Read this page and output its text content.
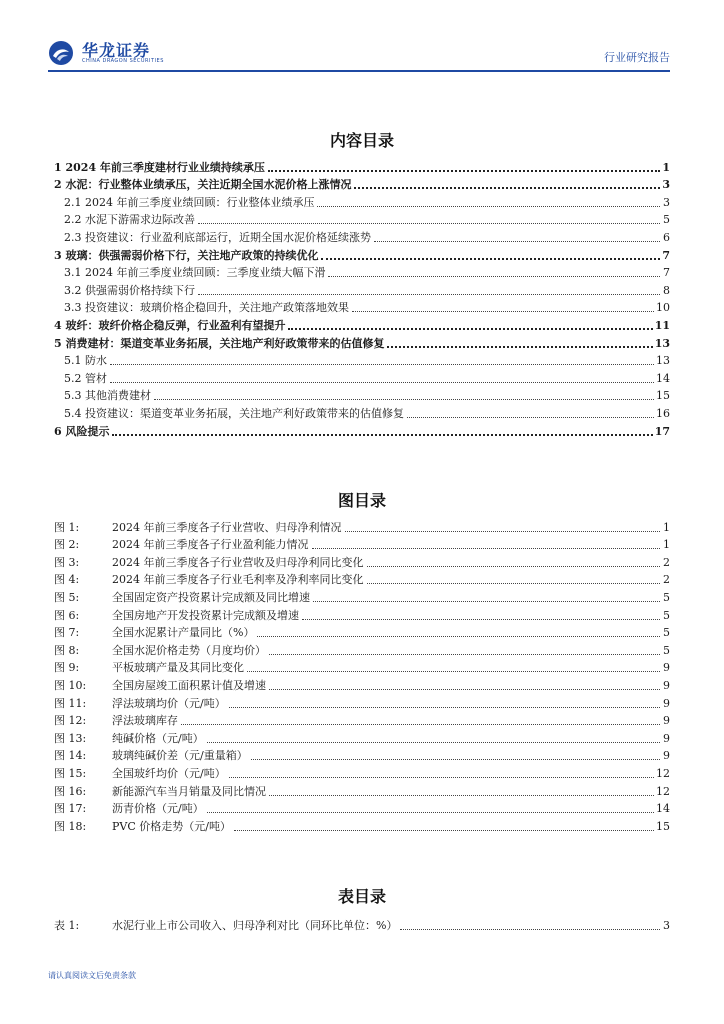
华龙证券
CHINA DRAGON SECURITIES	行业研究报告
内容目录
1 2024 年前三季度建材行业业绩持续承压	1
2 水泥：行业整体业绩承压，关注近期全国水泥价格上涨情况	3
2.1 2024 年前三季度业绩回顾：行业整体业绩承压	3
2.2 水泥下游需求边际改善	5
2.3 投资建议：行业盈利底部运行，近期全国水泥价格延续涨势	6
3 玻璃：供强需弱价格下行，关注地产政策的持续优化	7
3.1 2024 年前三季度业绩回顾：三季度业绩大幅下滑	7
3.2 供强需弱价格持续下行	8
3.3 投资建议：玻璃价格企稳回升，关注地产政策落地效果	10
4 玻纤：玻纤价格企稳反弹，行业盈利有望提升	11
5 消费建材：渠道变革业务拓展，关注地产利好政策带来的估值修复	13
5.1 防水	13
5.2 管材	14
5.3 其他消费建材	15
5.4 投资建议：渠道变革业务拓展，关注地产利好政策带来的估值修复	16
6 风险提示	17
图目录
图 1:	2024 年前三季度各子行业营收、归母净利情况	1
图 2:	2024 年前三季度各子行业盈利能力情况	1
图 3:	2024 年前三季度各子行业营收及归母净利同比变化	2
图 4:	2024 年前三季度各子行业毛利率及净利率同比变化	2
图 5:	全国固定资产投资累计完成额及同比增速	5
图 6:	全国房地产开发投资累计完成额及增速	5
图 7:	全国水泥累计产量同比（%）	5
图 8:	全国水泥价格走势（月度均价）	5
图 9:	平板玻璃产量及其同比变化	9
图 10:	全国房屋竣工面积累计值及增速	9
图 11:	浮法玻璃均价（元/吨）	9
图 12:	浮法玻璃库存	9
图 13:	纯碱价格（元/吨）	9
图 14:	玻璃纯碱价差（元/重量箱）	9
图 15:	全国玻纤均价（元/吨）	12
图 16:	新能源汽车当月销量及同比情况	12
图 17:	沥青价格（元/吨）	14
图 18:	PVC 价格走势（元/吨）	15
表目录
表 1:	水泥行业上市公司收入、归母净利对比（同环比单位：%）	3
请认真阅读文后免责条款
